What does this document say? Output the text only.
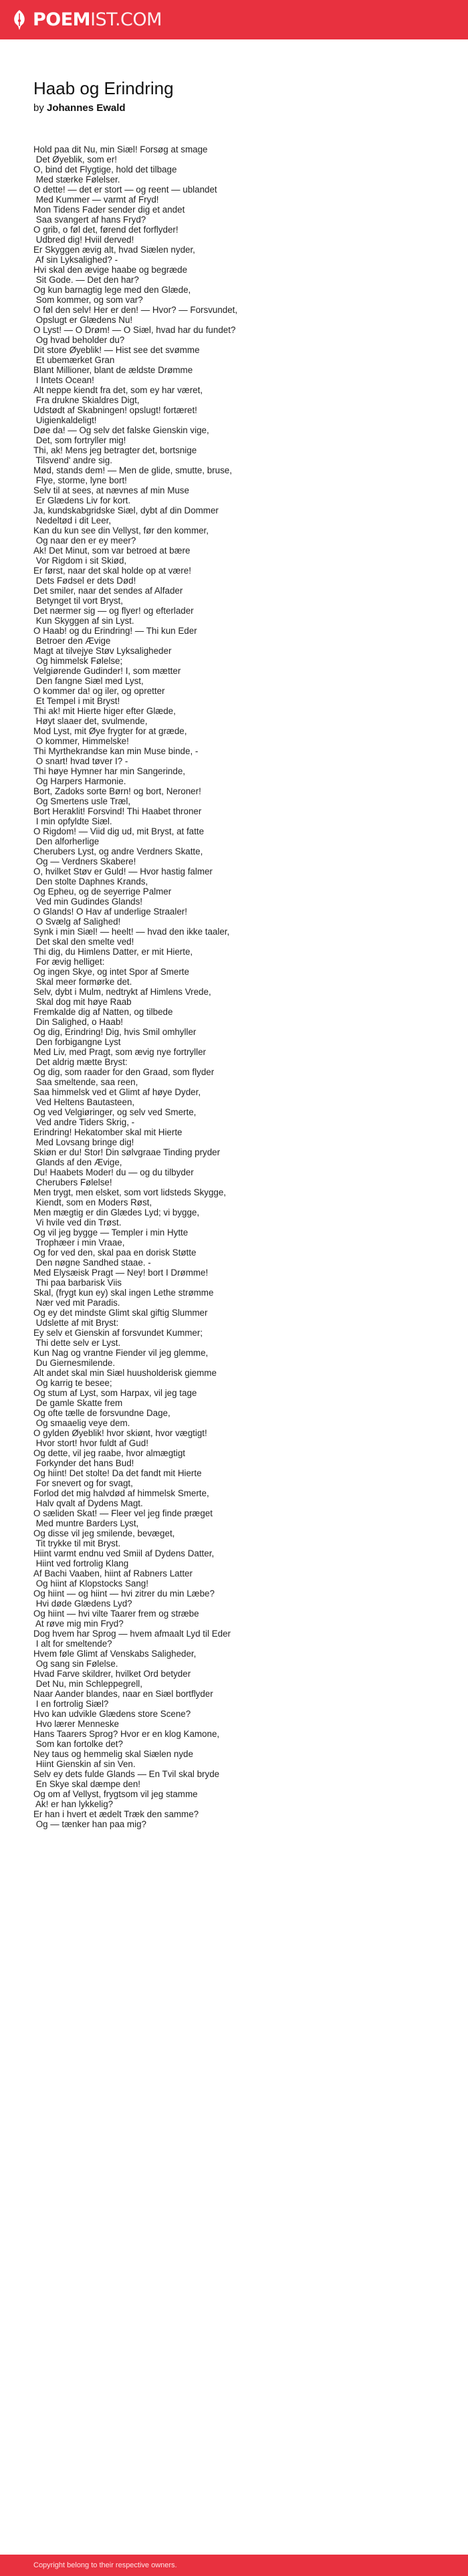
POEMIST.COM
Haab og Erindring
by Johannes Ewald
Hold paa dit Nu, min Siæl! Forsøg at smage
Det Øyeblik, som er!
O, bind det Flygtige, hold det tilbage
Med stærke Følelser.
O dette! — det er stort — og reent — ublandet
Med Kummer — varmt af Fryd!
Mon Tidens Fader sender dig et andet
Saa svangert af hans Fryd?
O grib, o føl det, førend det forflyder!
Udbred dig! Hviil derved!
Er Skyggen ævig alt, hvad Siælen nyder,
Af sin Lyksalighed? -
Hvi skal den ævige haabe og begræde
Sit Gode. — Det den har?
Og kun barnagtig lege med den Glæde,
Som kommer, og som var?
O føl den selv! Her er den! — Hvor? — Forsvundet,
Opslugt er Glædens Nu!
O Lyst! — O Drøm! — O Siæl, hvad har du fundet?
Og hvad beholder du?
Dit store Øyeblik! — Hist see det svømme
Et ubemærket Gran
Blant Millioner, blant de ældste Drømme
I Intets Ocean!
Alt neppe kiendt fra det, som ey har været,
Fra drukne Skialdres Digt,
Udstødt af Skabningen! opslugt! fortæret!
Uigienkaldeligt!
Døe da! — Og selv det falske Gienskin vige,
Det, som fortryller mig!
Thi, ak! Mens jeg betragter det, bortsnige
Tilsvend' andre sig.
Mød, stands dem! — Men de glide, smutte, bruse,
Flye, storme, lyne bort!
Selv til at sees, at nævnes af min Muse
Er Glædens Liv for kort.
Ja, kundskabgridske Siæl, dybt af din Dommer
Nedeltød i dit Leer,
Kan du kun see din Vellyst, før den kommer,
Og naar den er ey meer?
Ak! Det Minut, som var betroed at bære
Vor Rigdom i sit Skiød,
Er først, naar det skal holde op at være!
Dets Fødsel er dets Død!
Det smiler, naar det sendes af Alfader
Betynget til vort Bryst,
Det nærmer sig — og flyer! og efterlader
Kun Skyggen af sin Lyst.
O Haab! og du Erindring! — Thi kun Eder
Betroer den Ævige
Magt at tilvejye Støv Lyksaligheder
Og himmelsk Følelse;
Velgiørende Gudinder! I, som mætter
Den fangne Siæl med Lyst,
O kommer da! og iler, og opretter
Et Tempel i mit Bryst!
Thi ak! mit Hierte higer efter Glæde,
Høyt slaaer det, svulmende,
Mod Lyst, mit Øye frygter for at græde,
O kommer, Himmelske!
Thi Myrthekrandse kan min Muse binde, -
O snart! hvad tøver I? -
Thi høye Hymner har min Sangerinde,
Og Harpers Harmonie.
Bort, Zadoks sorte Børn! og bort, Neroner!
Og Smertens usle Træl,
Bort Heraklit! Forsvind! Thi Haabet throner
I min opfyldte Siæl.
O Rigdom! — Viid dig ud, mit Bryst, at fatte
Den alforherlige
Cherubers Lyst, og andre Verdners Skatte,
Og — Verdners Skabere!
O, hvilket Støv er Guld! — Hvor hastig falmer
Den stolte Daphnes Krands,
Og Epheu, og de seyerrige Palmer
Ved min Gudindes Glands!
O Glands! O Hav af underlige Straaler!
O Svælg af Salighed!
Synk i min Siæl! — heelt! — hvad den ikke taaler,
Det skal den smelte ved!
Thi dig, du Himlens Datter, er mit Hierte,
For ævig helliget:
Og ingen Skye, og intet Spor af Smerte
Skal meer formørke det.
Selv, dybt i Mulm, nedtrykt af Himlens Vrede,
Skal dog mit høye Raab
Fremkalde dig af Natten, og tilbede
Din Salighed, o Haab!
Og dig, Erindring! Dig, hvis Smil omhyller
Den forbigangne Lyst
Med Liv, med Pragt, som ævig nye fortryller
Det aldrig mætte Bryst:
Og dig, som raader for den Graad, som flyder
Saa smeltende, saa reen,
Saa himmelsk ved et Glimt af høye Dyder,
Ved Heltens Bautasteen,
Og ved Velgiøringer, og selv ved Smerte,
Ved andre Tiders Skrig, -
Erindring! Hekatomber skal mit Hierte
Med Lovsang bringe dig!
Skiøn er du! Stor! Din sølvgraae Tinding pryder
Glands af den Ævige,
Du! Haabets Moder! du — og du tilbyder
Cherubers Følelse!
Men trygt, men elsket, som vort lidsteds Skygge,
Kiendt, som en Moders Røst,
Men mægtig er din Glædes Lyd; vi bygge,
Vi hvile ved din Trøst.
Og vil jeg bygge — Templer i min Hytte
Trophæer i min Vraae,
Og for ved den, skal paa en dorisk Støtte
Den nøgne Sandhed staae. -
Med Elysæisk Pragt — Ney! bort I Drømme!
Thi paa barbarisk Viis
Skal, (frygt kun ey) skal ingen Lethe strømme
Nær ved mit Paradis.
Og ey det mindste Glimt skal giftig Slummer
Udslette af mit Bryst:
Ey selv et Gienskin af forsvundet Kummer;
Thi dette selv er Lyst.
Kun Nag og vrantne Fiender vil jeg glemme,
Du Giernesmilende.
Alt andet skal min Siæl huusholderisk giemme
Og karrig te besee;
Og stum af Lyst, som Harpax, vil jeg tage
De gamle Skatte frem
Og ofte tælle de forsvundne Dage,
Og smaaelig veye dem.
O gylden Øyeblik! hvor skiønt, hvor vægtigt!
Hvor stort! hvor fuldt af Gud!
Og dette, vil jeg raabe, hvor almægtigt
Forkynder det hans Bud!
Og hiint! Det stolte! Da det fandt mit Hierte
For snevert og for svagt,
Forlod det mig halvdød af himmelsk Smerte,
Halv qvalt af Dydens Magt.
O sæliden Skat! — Fleer vel jeg finde præget
Med muntre Barders Lyst,
Og disse vil jeg smilende, bevæget,
Tit trykke til mit Bryst.
Hiint varmt endnu ved Smiil af Dydens Datter,
Hiint ved fortrolig Klang
Af Bachi Vaaben, hiint af Rabners Latter
Og hiint af Klopstocks Sang!
Og hiint — og hiint — hvi zitrer du min Læbe?
Hvi døde Glædens Lyd?
Og hiint — hvi vilte Taarer frem og stræbe
At røve mig min Fryd?
Dog hvem har Sprog — hvem afmaalt Lyd til Eder
I alt for smeltende?
Hvem føle Glimt af Venskabs Saligheder,
Og sang sin Følelse.
Hvad Farve skildrer, hvilket Ord betyder
Det Nu, min Schleppegrell,
Naar Aander blandes, naar en Siæl bortflyder
I en fortrolig Siæl?
Hvo kan udvikle Glædens store Scene?
Hvo lærer Menneske
Hans Taarers Sprog? Hvor er en klog Kamone,
Som kan fortolke det?
Ney taus og hemmelig skal Siælen nyde
Hiint Gienskin af sin Ven.
Selv ey dets fulde Glands — En Tvil skal bryde
En Skye skal dæmpe den!
Og om af Vellyst, frygtsom vil jeg stamme
Ak! er han lykkelig?
Er han i hvert et ædelt Træk den samme?
Og — tænker han paa mig?
Copyright belong to their respective owners.
